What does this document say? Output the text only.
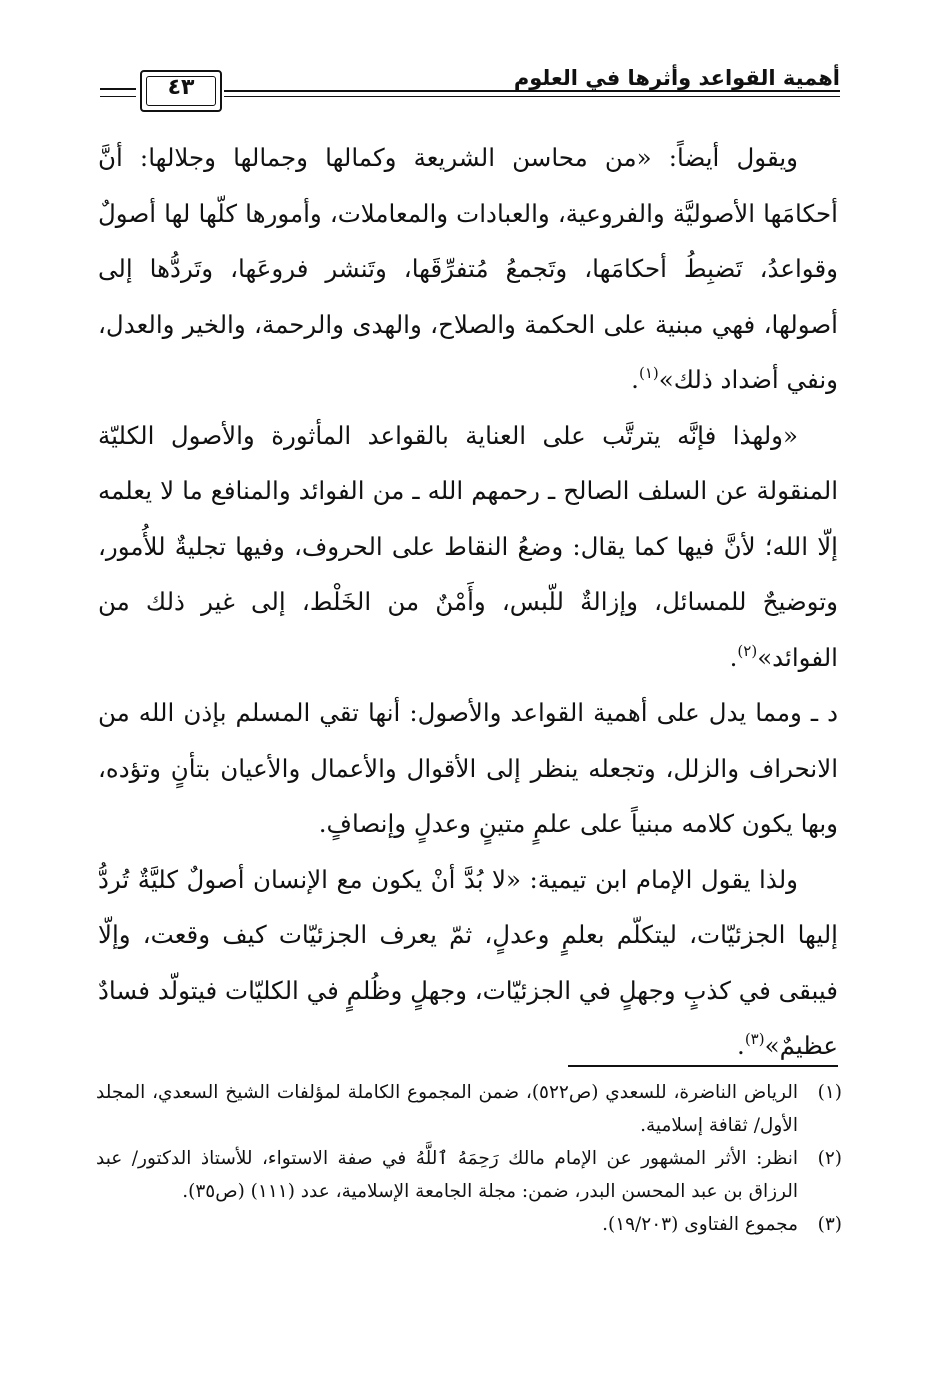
أهمية القواعد وأثرها في العلوم
٤٣

ويقول أيضاً: «من محاسن الشريعة وكمالها وجمالها وجلالها: أنَّ أحكامَها الأصوليَّة والفروعية، والعبادات والمعاملات، وأمورها كلّها لها أصولٌ وقواعدُ، تَضبِطُ أحكامَها، وتَجمعُ مُتفرِّقَها، وتَنشر فروعَها، وتَردُّها إلى أصولها، فهي مبنية على الحكمة والصلاح، والهدى والرحمة، والخير والعدل، ونفي أضداد ذلك»$^{(١)}$.

«ولهذا فإنَّه يترتَّب على العناية بالقواعد المأثورة والأصول الكليّة المنقولة عن السلف الصالح ـ رحمهم الله ـ من الفوائد والمنافع ما لا يعلمه إلّا الله؛ لأنَّ فيها كما يقال: وضعُ النقاط على الحروف، وفيها تجليةٌ للأُمور، وتوضيحٌ للمسائل، وإزالةٌ للّبس، وأَمْنٌ من الخَلْط، إلى غير ذلك من الفوائد»$^{(٢)}$.

د ـ ومما يدل على أهمية القواعد والأصول: أنها تقي المسلم بإذن الله من الانحراف والزلل، وتجعله ينظر إلى الأقوال والأعمال والأعيان بتأنٍ وتؤده، وبها يكون كلامه مبنياً على علمٍ متينٍ وعدلٍ وإنصافٍ.

ولذا يقول الإمام ابن تيمية: «لا بُدَّ أنْ يكون مع الإنسان أصولٌ كليَّةٌ تُردُّ إليها الجزئيّات، ليتكلّم بعلمٍ وعدلٍ، ثمّ يعرف الجزئيّات كيف وقعت، وإلّا فيبقى في كذبٍ وجهلٍ في الجزئيّات، وجهلٍ وظُلمٍ في الكليّات فيتولّد فسادٌ عظيمٌ»$^{(٣)}$.

(١)
الرياض الناضرة، للسعدي (ص٥٢٢)، ضمن المجموع الكاملة لمؤلفات الشيخ السعدي، المجلد الأول/ ثقافة إسلامية.
(٢)
انظر: الأثر المشهور عن الإمام مالك رَحِمَهُ ٱللَّهُ في صفة الاستواء، للأستاذ الدكتور/ عبد الرزاق بن عبد المحسن البدر، ضمن: مجلة الجامعة الإسلامية، عدد (١١١) (ص٣٥).
(٣)
مجموع الفتاوى (١٩/٢٠٣).
